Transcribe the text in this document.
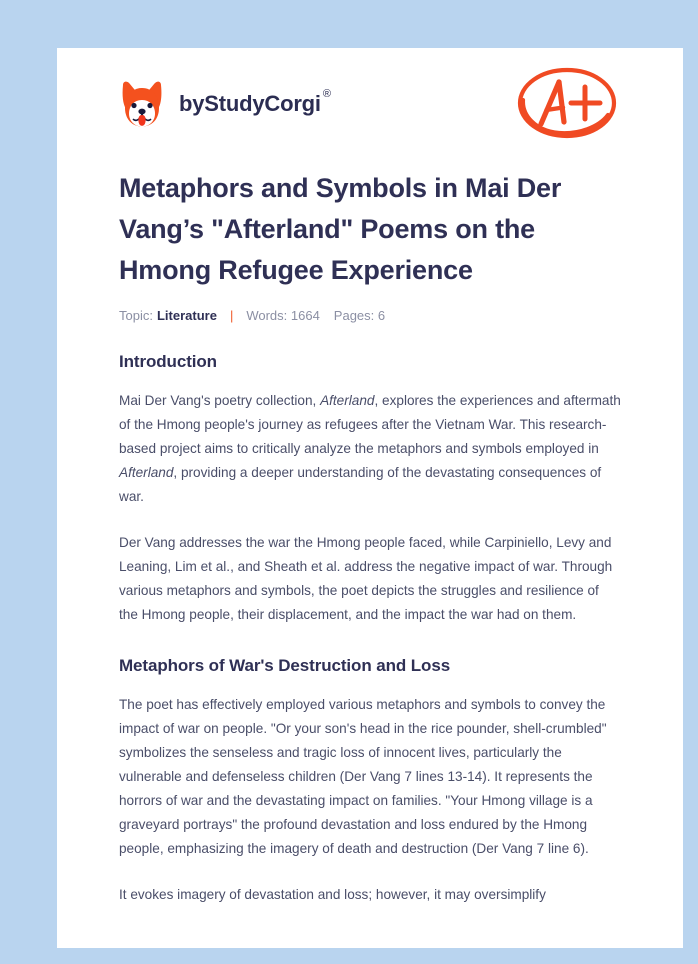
by StudyCorgi ®
Metaphors and Symbols in Mai Der Vang’s "Afterland" Poems on the Hmong Refugee Experience
Topic: Literature | Words: 1664 Pages: 6
Introduction

Mai Der Vang's poetry collection, Afterland, explores the experiences and aftermath of the Hmong people's journey as refugees after the Vietnam War. This research-based project aims to critically analyze the metaphors and symbols employed in Afterland, providing a deeper understanding of the devastating consequences of war.

Der Vang addresses the war the Hmong people faced, while Carpiniello, Levy and Leaning, Lim et al., and Sheath et al. address the negative impact of war. Through various metaphors and symbols, the poet depicts the struggles and resilience of the Hmong people, their displacement, and the impact the war had on them.

Metaphors of War's Destruction and Loss

The poet has effectively employed various metaphors and symbols to convey the impact of war on people. "Or your son's head in the rice pounder, shell-crumbled" symbolizes the senseless and tragic loss of innocent lives, particularly the vulnerable and defenseless children (Der Vang 7 lines 13-14). It represents the horrors of war and the devastating impact on families. "Your Hmong village is a graveyard portrays" the profound devastation and loss endured by the Hmong people, emphasizing the imagery of death and destruction (Der Vang 7 line 6).

It evokes imagery of devastation and loss; however, it may oversimplify
